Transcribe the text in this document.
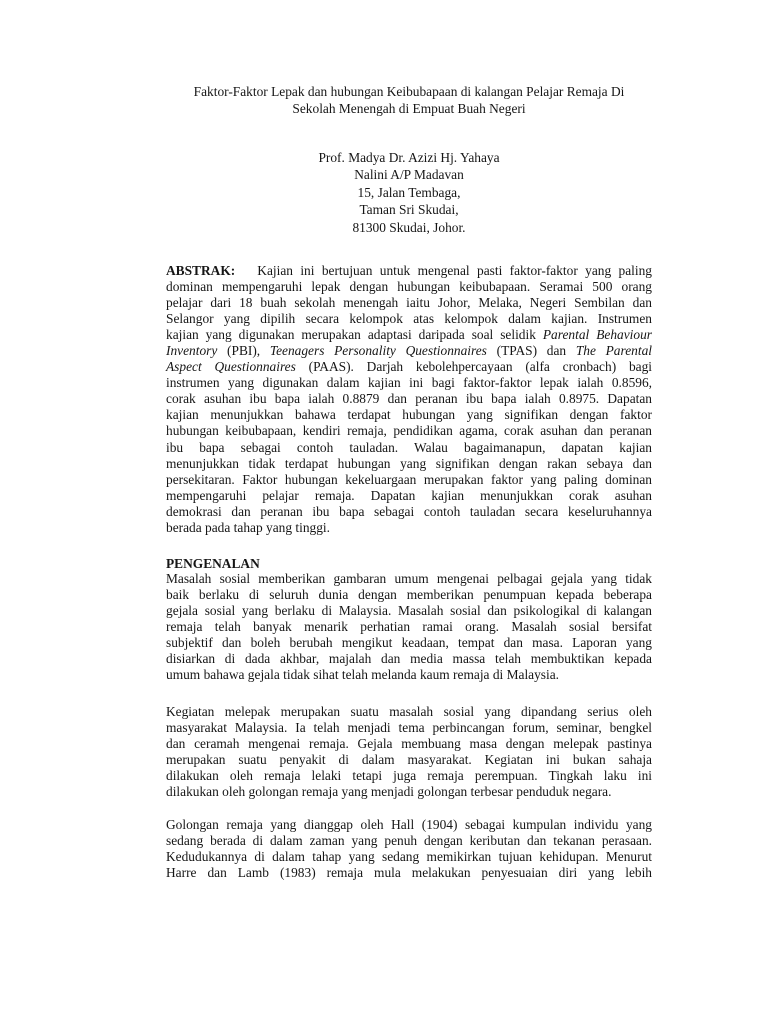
Faktor-Faktor Lepak dan hubungan Keibubapaan di kalangan Pelajar Remaja Di
Sekolah Menengah di Empuat Buah Negeri
Prof. Madya Dr. Azizi Hj. Yahaya
Nalini A/P Madavan
15, Jalan Tembaga,
Taman Sri Skudai,
81300 Skudai, Johor.
ABSTRAK: Kajian ini bertujuan untuk mengenal pasti faktor-faktor yang paling
dominan mempengaruhi lepak dengan hubungan keibubapaan. Seramai 500 orang
pelajar dari 18 buah sekolah menengah iaitu Johor, Melaka, Negeri Sembilan dan
Selangor yang dipilih secara kelompok atas kelompok dalam kajian. Instrumen
kajian yang digunakan merupakan adaptasi daripada soal selidik Parental Behaviour
Inventory (PBI), Teenagers Personality Questionnaires (TPAS) dan The Parental
Aspect Questionnaires (PAAS). Darjah kebolehpercayaan (alfa cronbach) bagi
instrumen yang digunakan dalam kajian ini bagi faktor-faktor lepak ialah 0.8596,
corak asuhan ibu bapa ialah 0.8879 dan peranan ibu bapa ialah 0.8975. Dapatan
kajian menunjukkan bahawa terdapat hubungan yang signifikan dengan faktor
hubungan keibubapaan, kendiri remaja, pendidikan agama, corak asuhan dan peranan
ibu bapa sebagai contoh tauladan. Walau bagaimanapun, dapatan kajian
menunjukkan tidak terdapat hubungan yang signifikan dengan rakan sebaya dan
persekitaran. Faktor hubungan kekeluargaan merupakan faktor yang paling dominan
mempengaruhi pelajar remaja. Dapatan kajian menunjukkan corak asuhan
demokrasi dan peranan ibu bapa sebagai contoh tauladan secara keseluruhannya
berada pada tahap yang tinggi.
PENGENALAN
Masalah sosial memberikan gambaran umum mengenai pelbagai gejala yang tidak
baik berlaku di seluruh dunia dengan memberikan penumpuan kepada beberapa
gejala sosial yang berlaku di Malaysia. Masalah sosial dan psikologikal di kalangan
remaja telah banyak menarik perhatian ramai orang. Masalah sosial bersifat
subjektif dan boleh berubah mengikut keadaan, tempat dan masa. Laporan yang
disiarkan di dada akhbar, majalah dan media massa telah membuktikan kepada
umum bahawa gejala tidak sihat telah melanda kaum remaja di Malaysia.
Kegiatan melepak merupakan suatu masalah sosial yang dipandang serius oleh
masyarakat Malaysia. Ia telah menjadi tema perbincangan forum, seminar, bengkel
dan ceramah mengenai remaja. Gejala membuang masa dengan melepak pastinya
merupakan suatu penyakit di dalam masyarakat. Kegiatan ini bukan sahaja
dilakukan oleh remaja lelaki tetapi juga remaja perempuan. Tingkah laku ini
dilakukan oleh golongan remaja yang menjadi golongan terbesar penduduk negara.
Golongan remaja yang dianggap oleh Hall (1904) sebagai kumpulan individu yang
sedang berada di dalam zaman yang penuh dengan keributan dan tekanan perasaan.
Kedudukannya di dalam tahap yang sedang memikirkan tujuan kehidupan. Menurut
Harre dan Lamb (1983) remaja mula melakukan penyesuaian diri yang lebih
